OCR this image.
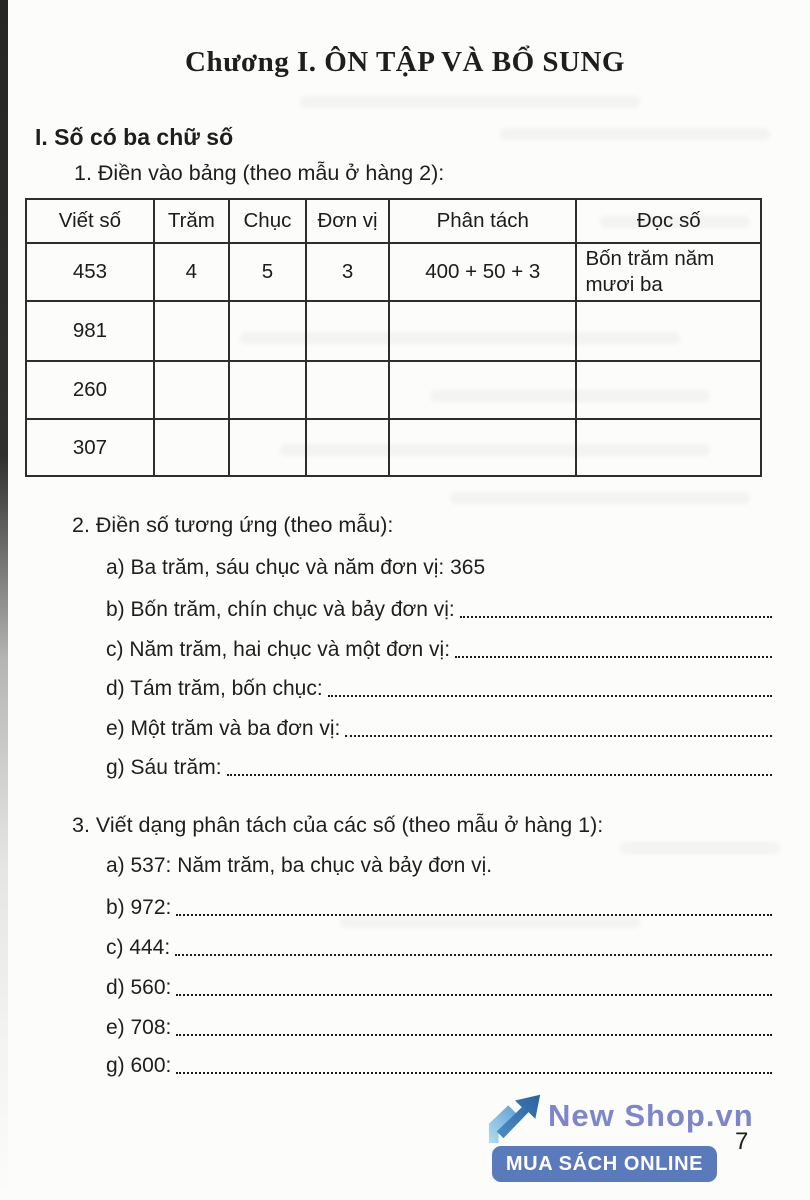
Chương I. ÔN TẬP VÀ BỔ SUNG
I. Số có ba chữ số
1. Điền vào bảng (theo mẫu ở hàng 2):
Viết số	Trăm	Chục	Đơn vị	Phân tách	Đọc số
453	4	5	3	400 + 50 + 3	Bốn trăm năm mươi ba
981					
260					
307					
2. Điền số tương ứng (theo mẫu):
a) Ba trăm, sáu chục và năm đơn vị: 365
b) Bốn trăm, chín chục và bảy đơn vị:
c) Năm trăm, hai chục và một đơn vị:
d) Tám trăm, bốn chục:
e) Một trăm và ba đơn vị:
g) Sáu trăm:
3. Viết dạng phân tách của các số (theo mẫu ở hàng 1):
a) 537: Năm trăm, ba chục và bảy đơn vị.
b) 972:
c) 444:
d) 560:
e) 708:
g) 600:
New Shop.vn
MUA SÁCH ONLINE
7
